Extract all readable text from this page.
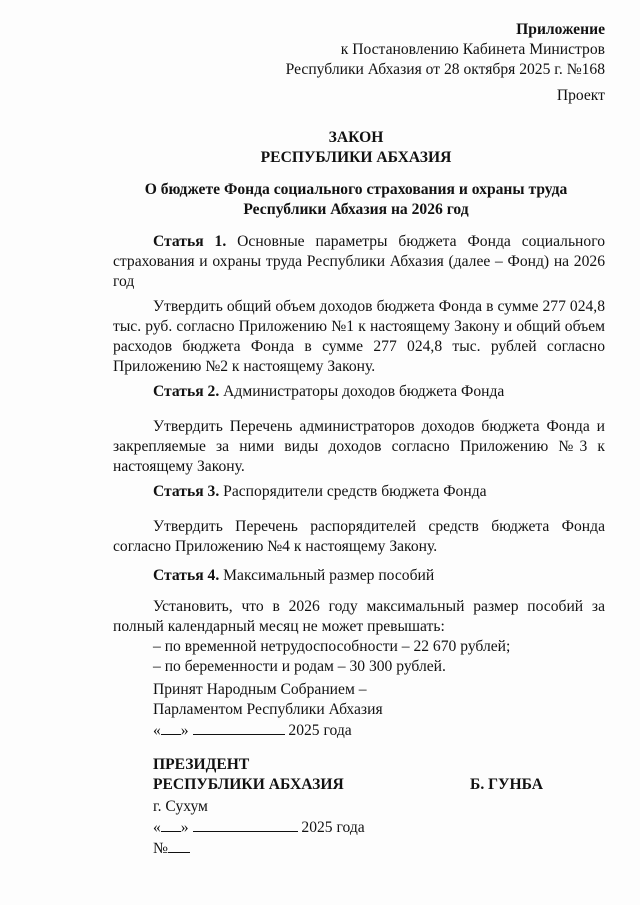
Приложение

к Постановлению Кабинета Министров

Республики Абхазия от 28 октября 2025 г. №168

Проект

ЗАКОН

РЕСПУБЛИКИ АБХАЗИЯ

О бюджете Фонда социального страхования и охраны труда

Республики Абхазия на 2026 год

Статья 1. Основные параметры бюджета Фонда социального страхования и охраны труда Республики Абхазия (далее – Фонд) на 2026 год

Утвердить общий объем доходов бюджета Фонда в сумме 277 024,8 тыс. руб. согласно Приложению №1 к настоящему Закону и общий объем расходов бюджета Фонда в сумме 277 024,8 тыс. рублей согласно Приложению №2 к настоящему Закону.

Статья 2. Администраторы доходов бюджета Фонда

Утвердить Перечень администраторов доходов бюджета Фонда и закрепляемые за ними виды доходов согласно Приложению №3 к настоящему Закону.

Статья 3. Распорядители средств бюджета Фонда

Утвердить Перечень распорядителей средств бюджета Фонда согласно Приложению №4 к настоящему Закону.

Статья 4. Максимальный размер пособий

Установить, что в 2026 году максимальный размер пособий за полный календарный месяц не может превышать:

– по временной нетрудоспособности – 22 670 рублей;

– по беременности и родам – 30 300 рублей.

Принят Народным Собранием –

Парламентом Республики Абхазия

« »	2025 года

ПРЕЗИДЕНТ

РЕСПУБЛИКИ АБХАЗИЯ	Б. ГУНБА

г. Сухум

« »	2025 года

№
